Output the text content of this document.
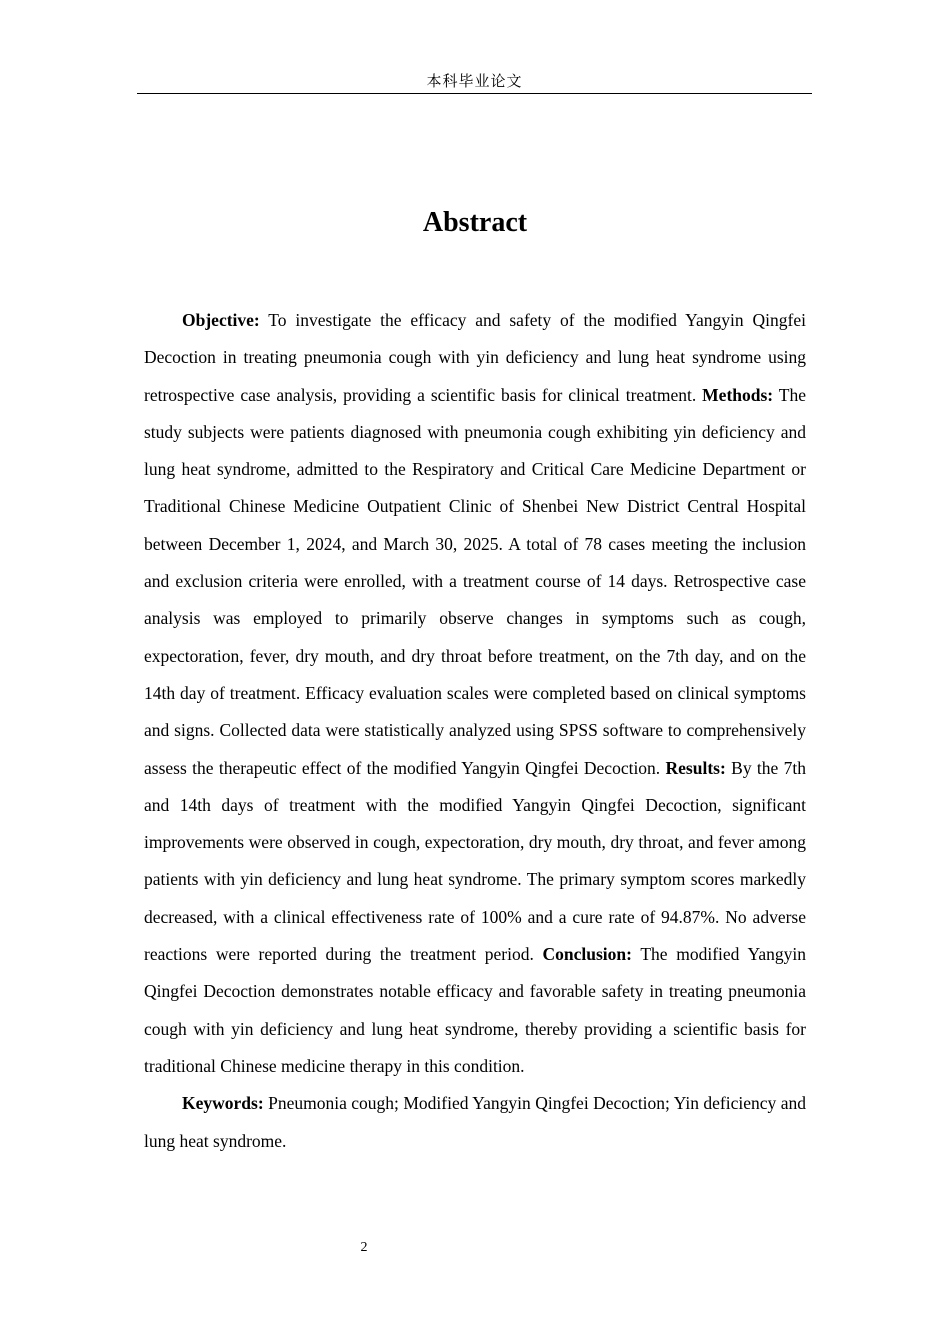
本科毕业论文
Abstract

Objective: To investigate the efficacy and safety of the modified Yangyin Qingfei Decoction in treating pneumonia cough with yin deficiency and lung heat syndrome using retrospective case analysis, providing a scientific basis for clinical treatment. Methods: The study subjects were patients diagnosed with pneumonia cough exhibiting yin deficiency and lung heat syndrome, admitted to the Respiratory and Critical Care Medicine Department or Traditional Chinese Medicine Outpatient Clinic of Shenbei New District Central Hospital between December 1, 2024, and March 30, 2025. A total of 78 cases meeting the inclusion and exclusion criteria were enrolled, with a treatment course of 14 days. Retrospective case analysis was employed to primarily observe changes in symptoms such as cough, expectoration, fever, dry mouth, and dry throat before treatment, on the 7th day, and on the 14th day of treatment. Efficacy evaluation scales were completed based on clinical symptoms and signs. Collected data were statistically analyzed using SPSS software to comprehensively assess the therapeutic effect of the modified Yangyin Qingfei Decoction. Results: By the 7th and 14th days of treatment with the modified Yangyin Qingfei Decoction, significant improvements were observed in cough, expectoration, dry mouth, dry throat, and fever among patients with yin deficiency and lung heat syndrome. The primary symptom scores markedly decreased, with a clinical effectiveness rate of 100% and a cure rate of 94.87%. No adverse reactions were reported during the treatment period. Conclusion: The modified Yangyin Qingfei Decoction demonstrates notable efficacy and favorable safety in treating pneumonia cough with yin deficiency and lung heat syndrome, thereby providing a scientific basis for traditional Chinese medicine therapy in this condition.

Keywords: Pneumonia cough; Modified Yangyin Qingfei Decoction; Yin deficiency and lung heat syndrome.

2
